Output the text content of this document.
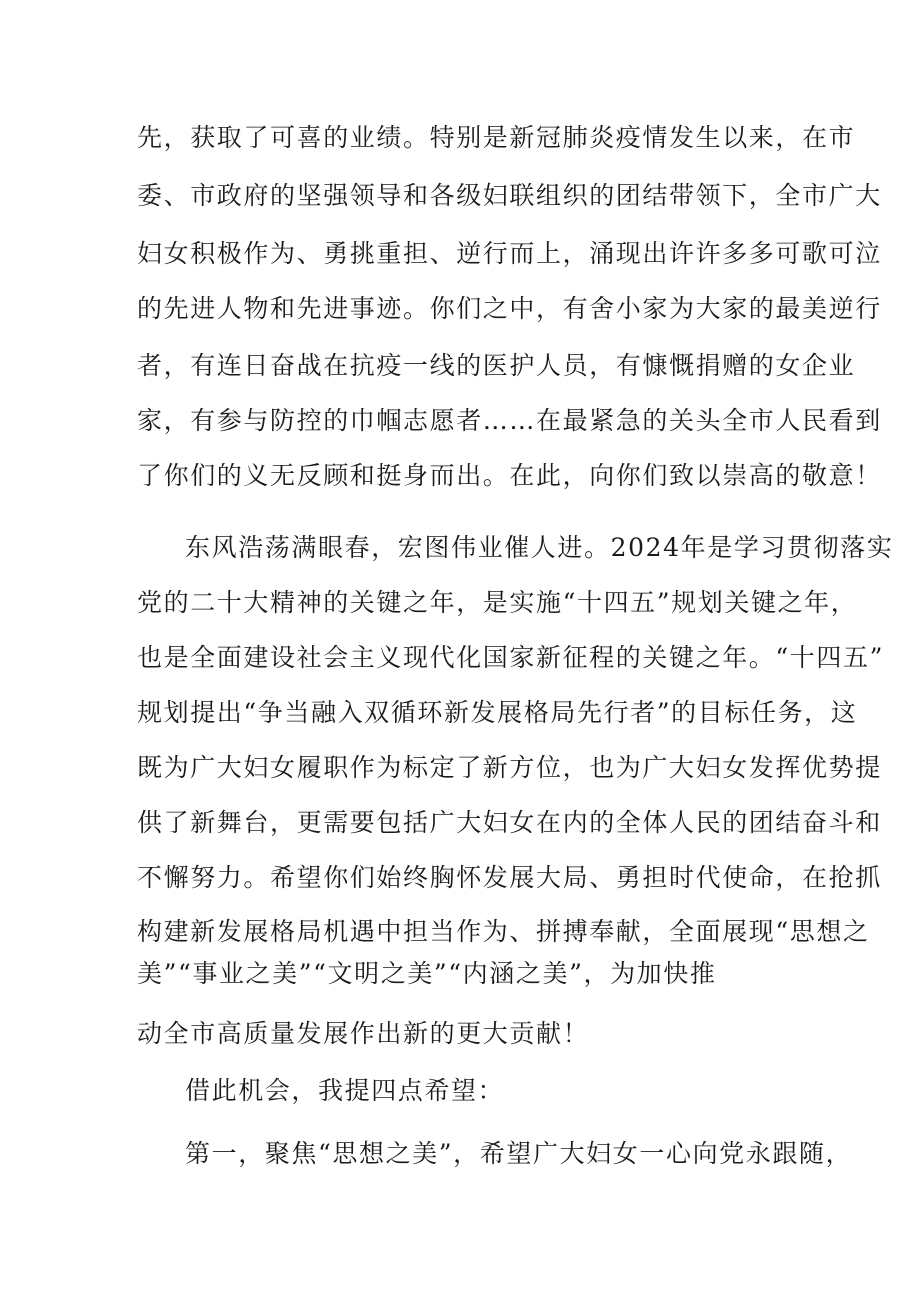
先，获取了可喜的业绩。特别是新冠肺炎疫情发生以来，在市
委、市政府的坚强领导和各级妇联组织的团结带领下，全市广大
妇女积极作为、勇挑重担、逆行而上，涌现出许许多多可歌可泣
的先进人物和先进事迹。你们之中，有舍小家为大家的最美逆行
者，有连日奋战在抗疫一线的医护人员，有慷慨捐赠的女企业
家，有参与防控的巾帼志愿者……在最紧急的关头全市人民看到
了你们的义无反顾和挺身而出。在此，向你们致以崇高的敬意！
东风浩荡满眼春，宏图伟业催人进。2024年是学习贯彻落实
党的二十大精神的关键之年，是实施“十四五”规划关键之年，
也是全面建设社会主义现代化国家新征程的关键之年。“十四五”
规划提出“争当融入双循环新发展格局先行者”的目标任务，这
既为广大妇女履职作为标定了新方位，也为广大妇女发挥优势提
供了新舞台，更需要包括广大妇女在内的全体人民的团结奋斗和
不懈努力。希望你们始终胸怀发展大局、勇担时代使命，在抢抓
构建新发展格局机遇中担当作为、拼搏奉献，全面展现“思想之
美”“事业之美”“文明之美”“内涵之美”，为加快推
动全市高质量发展作出新的更大贡献！
借此机会，我提四点希望：
第一，聚焦“思想之美”，希望广大妇女一心向党永跟随，
